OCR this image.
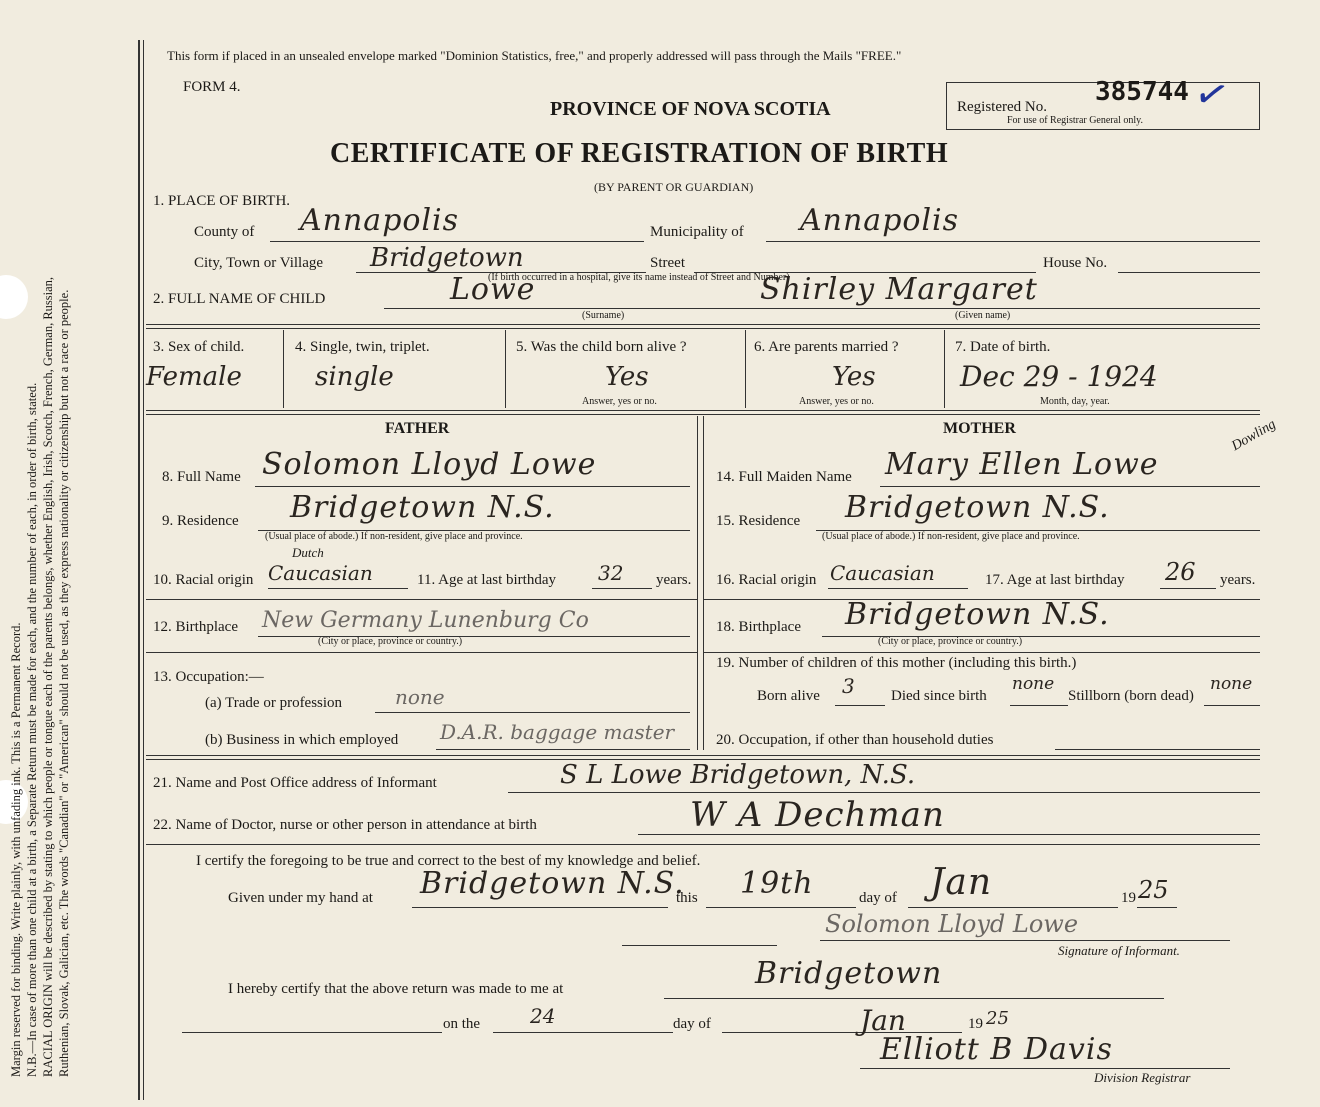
Margin reserved for binding. Write plainly, with unfading ink. This is a Permanent Record. N.B.—In case of more than one child at a birth, a Separate Return must be made for each, and the number of each, in order of birth, stated. RACIAL ORIGIN will be described by stating to which people or tongue each of the parents belongs, whether English, Irish, Scotch, French, German, Russian, Ruthenian, Slovak, Galician, etc. The words "Canadian" or "American" should not be used, as they express nationality or citizenship but not a race or people.
This form if placed in an unsealed envelope marked "Dominion Statistics, free," and properly addressed will pass through the Mails "FREE."
FORM 4.
PROVINCE OF NOVA SCOTIA
CERTIFICATE OF REGISTRATION OF BIRTH
(BY PARENT OR GUARDIAN)
Registered No. 385744
For use of Registrar General only. ✓
1. PLACE OF BIRTH.
County of Annapolis	Municipality of Annapolis
City, Town or Village Bridgetown	Street
(If birth occurred in a hospital, give its name instead of Street and Number)
House No.
2. FULL NAME OF CHILD	Lowe
(Surname)
Shirley Margaret
(Given name)
3. Sex of child.
Female
4. Single, twin, triplet.
single
5. Was the child born alive ?
Yes
Answer, yes or no.
6. Are parents married ?
Yes
Answer, yes or no.
7. Date of birth.
Dec 29 - 1924
Month, day, year.
FATHER	MOTHER
8. Full Name Solomon Lloyd Lowe
9. Residence Bridgetown N.S.
(Usual place of abode.) If non-resident, give place and province.
10. Racial origin Caucasian
Dutch
11. Age at last birthday 32 years.
12. Birthplace New Germany Lunenburg Co
(City or place, province or country.)
13. Occupation:—
(a) Trade or profession	none
(b) Business in which employed D.A.R. baggage master
14. Full Maiden Name Mary Ellen Lowe
Dowling
15. Residence Bridgetown N.S.
(Usual place of abode.) If non-resident, give place and province.
16. Racial origin Caucasian	17. Age at last birthday 26 years.
18. Birthplace Bridgetown N.S.
(City or place, province or country.)
19. Number of children of this mother (including this birth.)
Born alive 3 Died since birth
none
Stillborn (born dead)
none
20. Occupation, if other than household duties
21. Name and Post Office address of Informant	S L Lowe Bridgetown, N.S.
22. Name of Doctor, nurse or other person in attendance at birth	W A Dechman
I certify the foregoing to be true and correct to the best of my knowledge and belief.
Given under my hand at Bridgetown N.S.
this 19th	day of Jan	19 25
Solomon Lloyd Lowe
Signature of Informant.
I hereby certify that the above return was made to me at	Bridgetown
on the 24	day of	Jan	19 25
Elliott B Davis
Division Registrar
